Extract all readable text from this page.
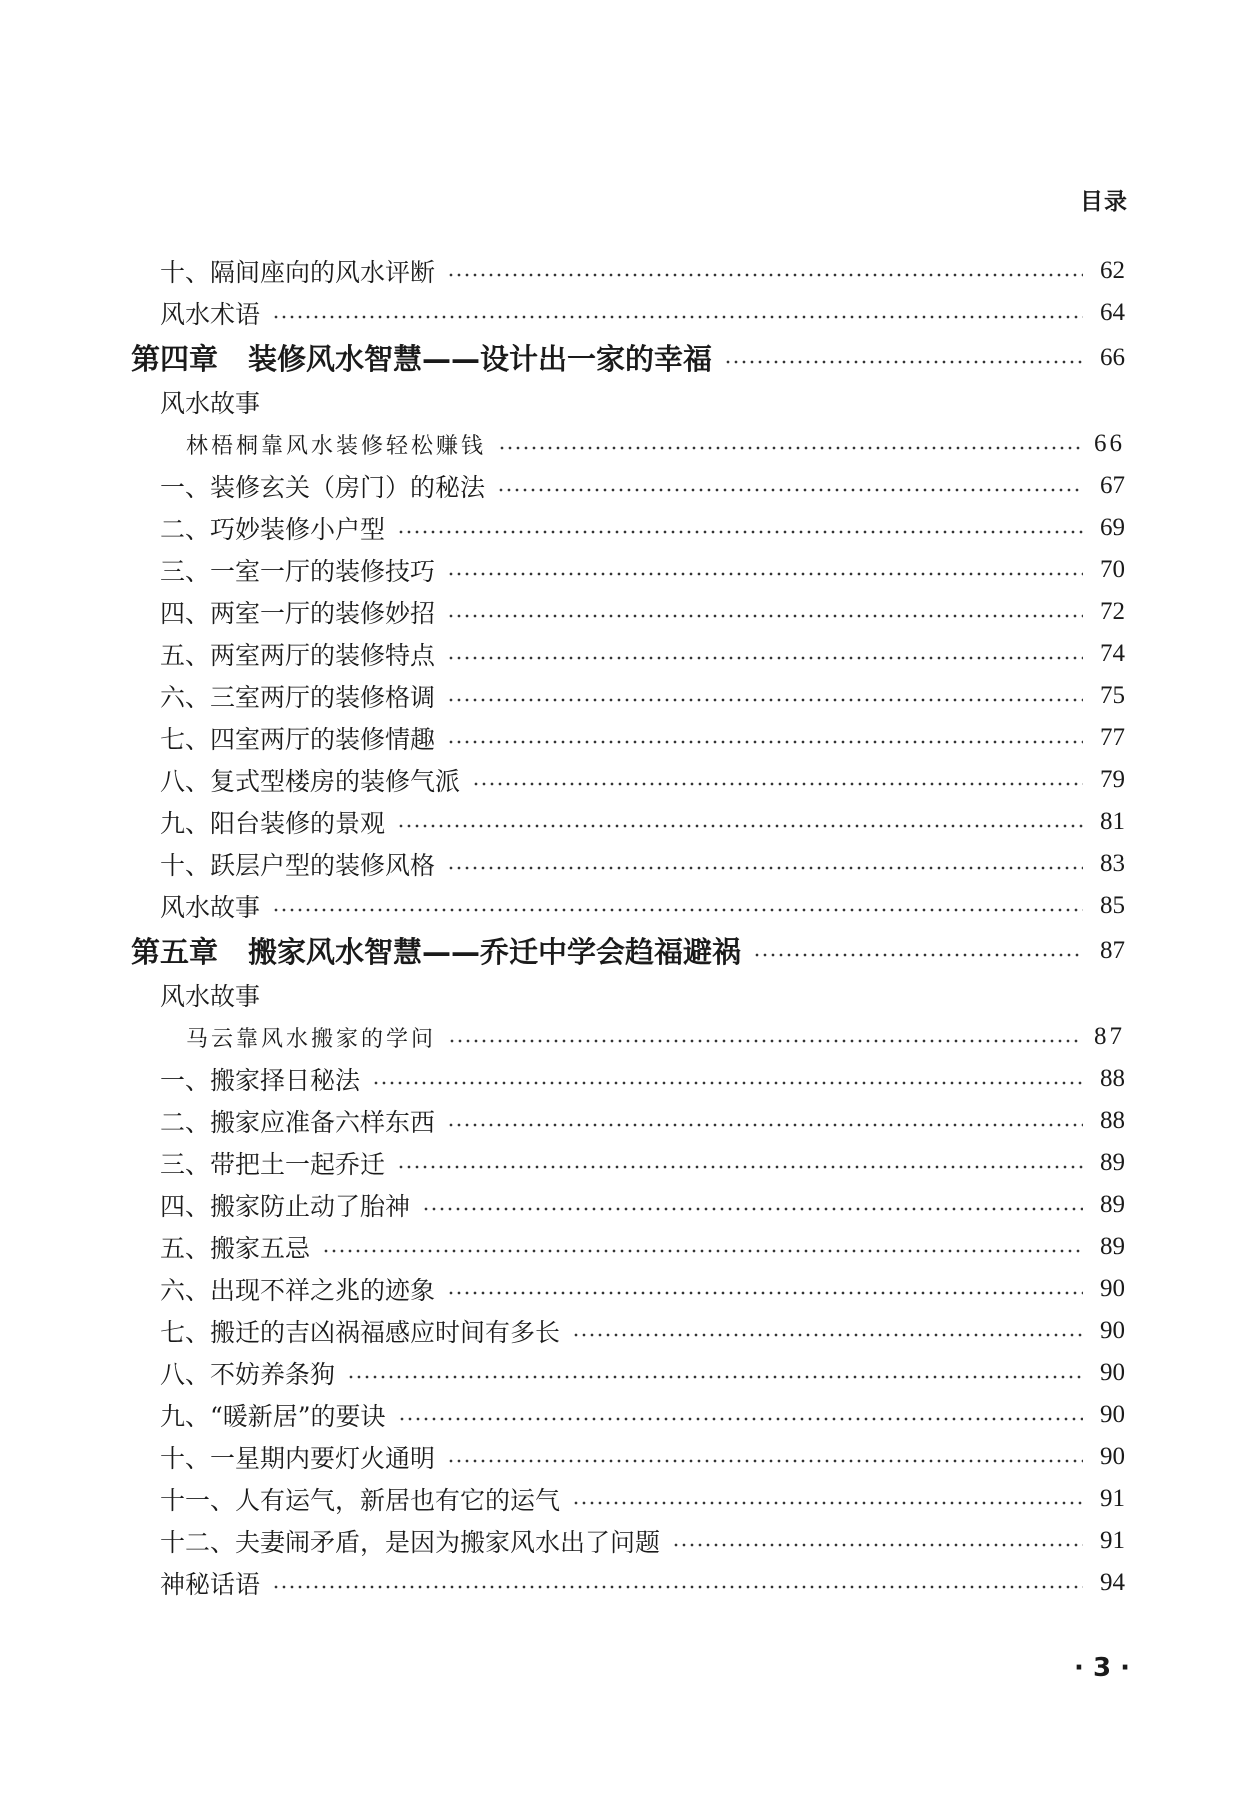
目录
十、隔间座向的风水评断	62
风水术语	64
第四章 装修风水智慧——设计出一家的幸福	66
风水故事
林梧桐靠风水装修轻松赚钱	66
一、装修玄关（房门）的秘法	67
二、巧妙装修小户型	69
三、一室一厅的装修技巧	70
四、两室一厅的装修妙招	72
五、两室两厅的装修特点	74
六、三室两厅的装修格调	75
七、四室两厅的装修情趣	77
八、复式型楼房的装修气派	79
九、阳台装修的景观	81
十、跃层户型的装修风格	83
风水故事	85
第五章 搬家风水智慧——乔迁中学会趋福避祸	87
风水故事
马云靠风水搬家的学问	87
一、搬家择日秘法	88
二、搬家应准备六样东西	88
三、带把土一起乔迁	89
四、搬家防止动了胎神	89
五、搬家五忌	89
六、出现不祥之兆的迹象	90
七、搬迁的吉凶祸福感应时间有多长	90
八、不妨养条狗	90
九、“暖新居”的要诀	90
十、一星期内要灯火通明	90
十一、人有运气，新居也有它的运气	91
十二、夫妻闹矛盾，是因为搬家风水出了问题	91
神秘话语	94
· 3 ·
